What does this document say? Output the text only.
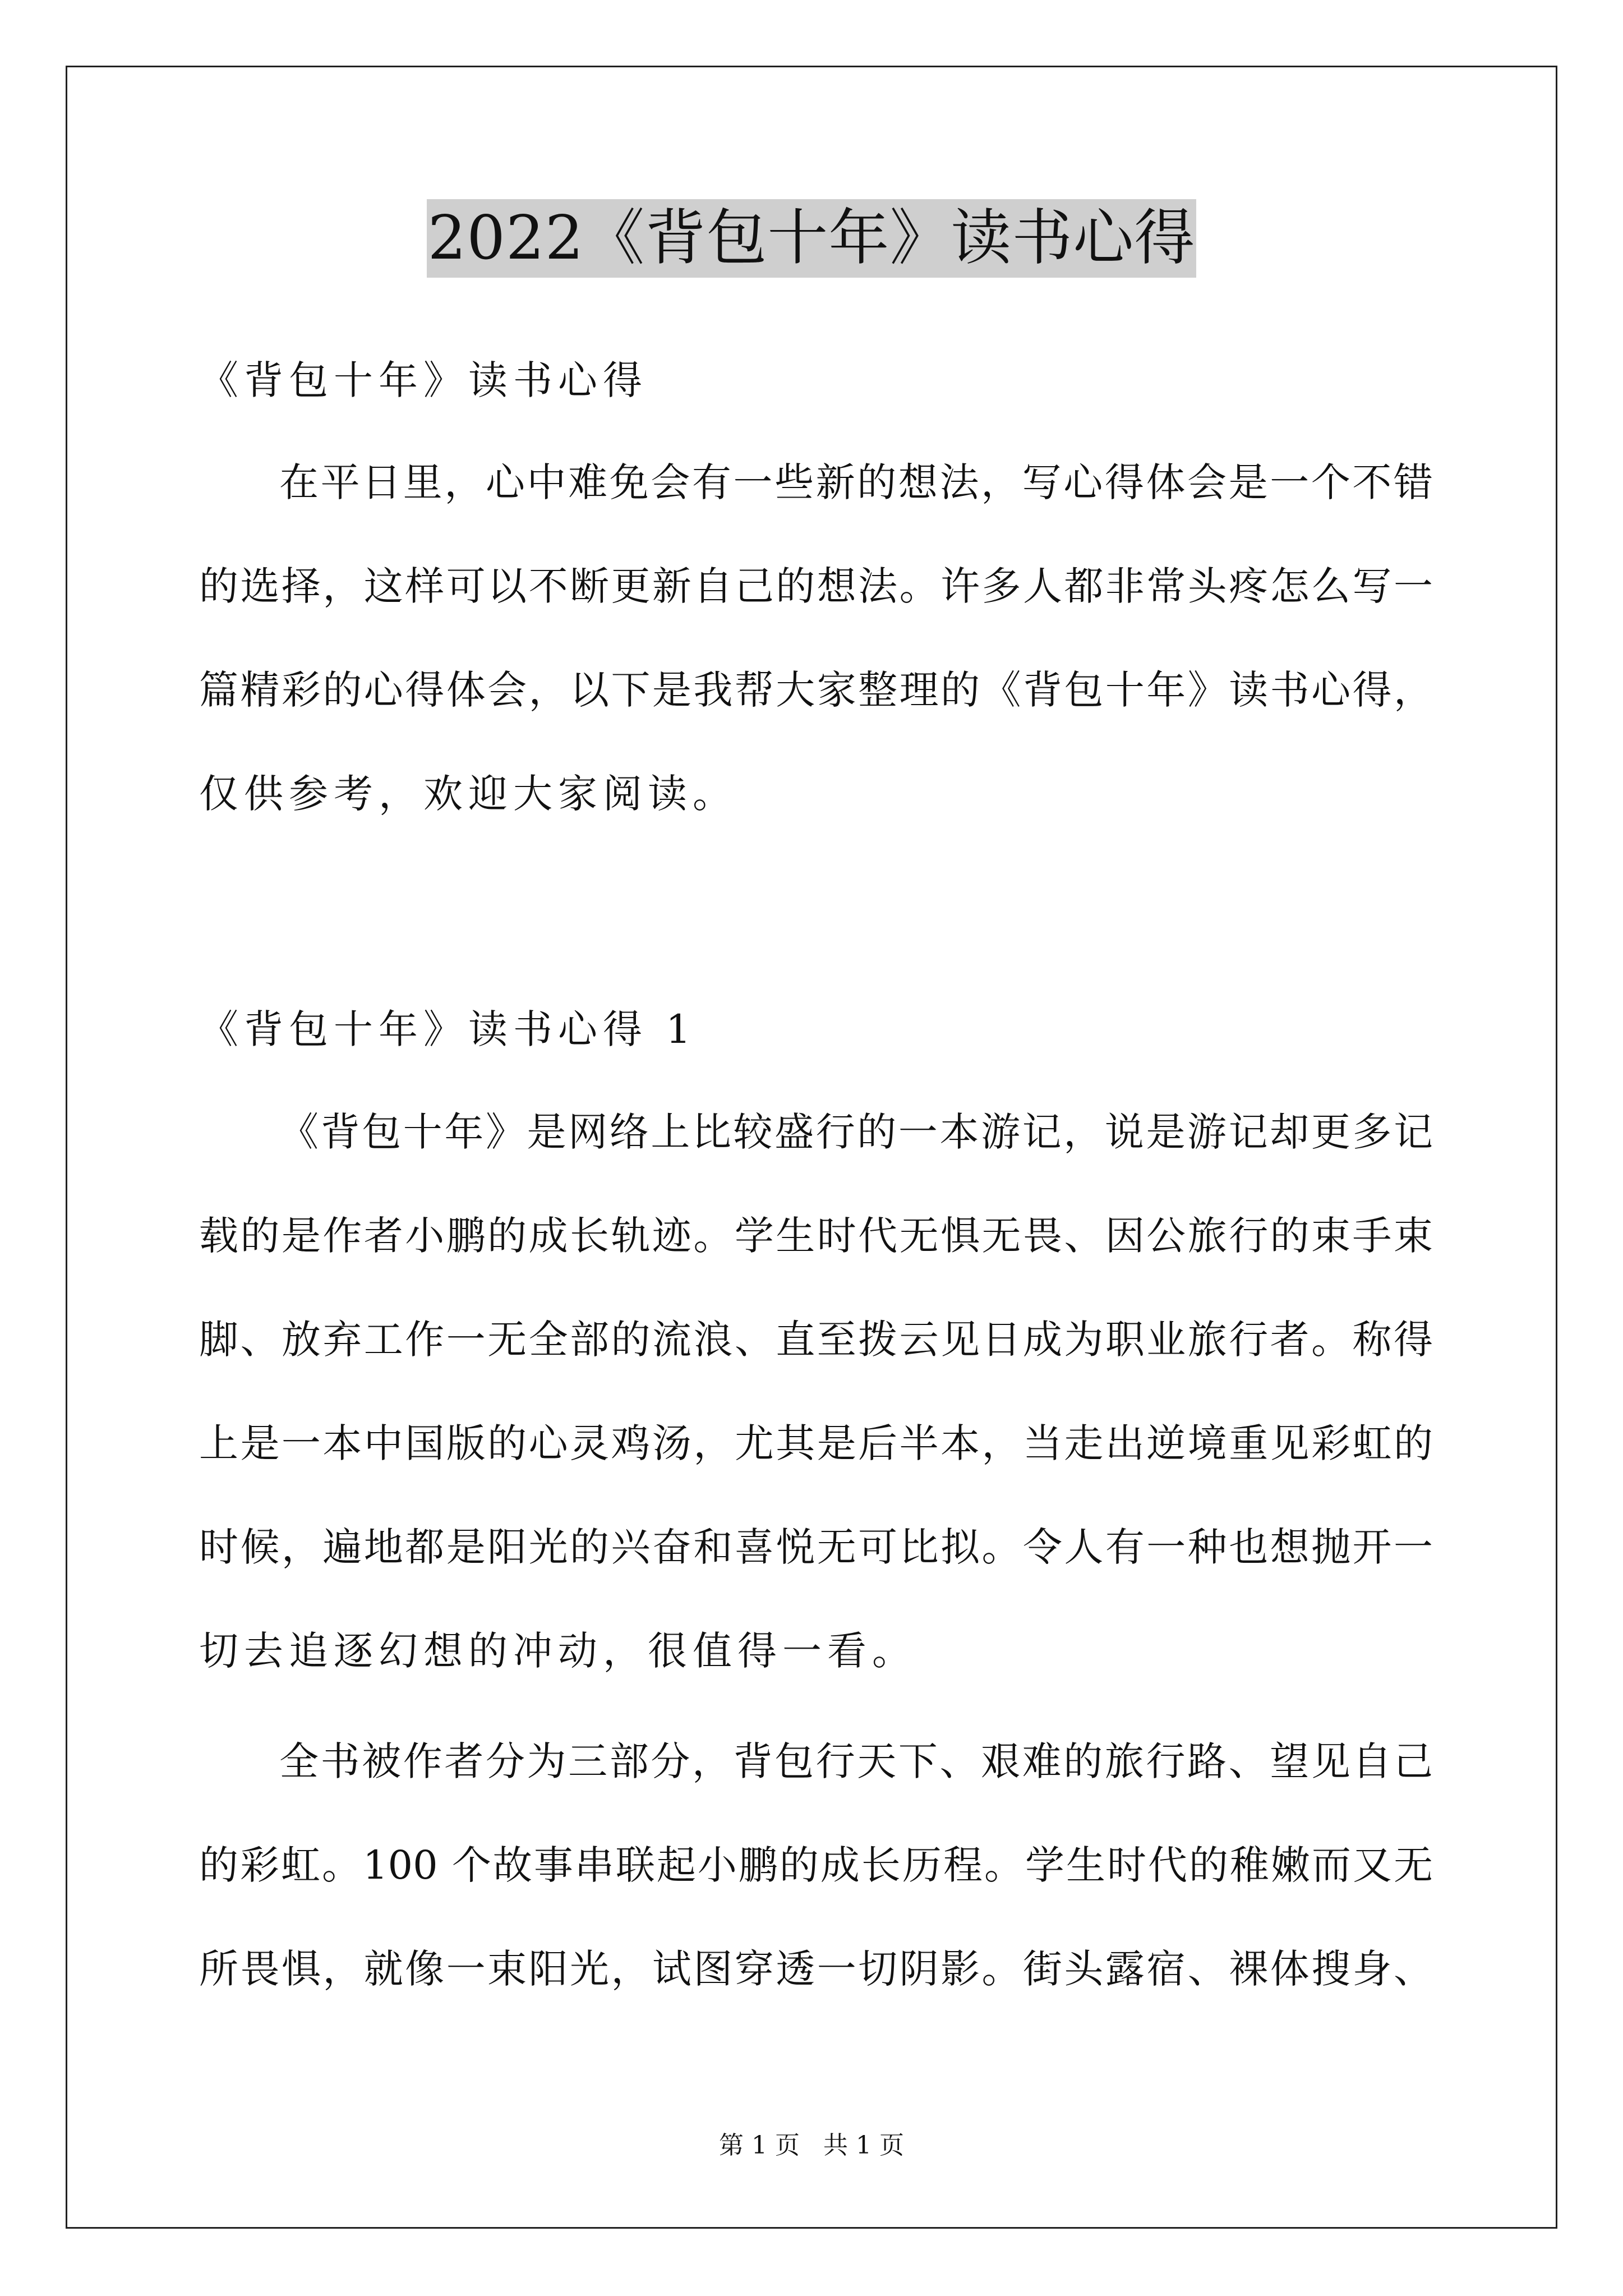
2022《背包十年》读书心得
《背包十年》读书心得
在平日里，心中难免会有一些新的想法，写心得体会是一个不错
的选择，这样可以不断更新自己的想法。许多人都非常头疼怎么写一
篇精彩的心得体会，以下是我帮大家整理的《背包十年》读书心得，
仅供参考，欢迎大家阅读。
《背包十年》读书心得 1
《背包十年》是网络上比较盛行的一本游记，说是游记却更多记
载的是作者小鹏的成长轨迹。学生时代无惧无畏、因公旅行的束手束
脚、放弃工作一无全部的流浪、直至拨云见日成为职业旅行者。称得
上是一本中国版的心灵鸡汤，尤其是后半本，当走出逆境重见彩虹的
时候，遍地都是阳光的兴奋和喜悦无可比拟。令人有一种也想抛开一
切去追逐幻想的冲动，很值得一看。
全书被作者分为三部分，背包行天下、艰难的旅行路、望见自己
的彩虹。100 个故事串联起小鹏的成长历程。学生时代的稚嫩而又无
所畏惧，就像一束阳光，试图穿透一切阴影。街头露宿、裸体搜身、
第 1 页   共 1 页
